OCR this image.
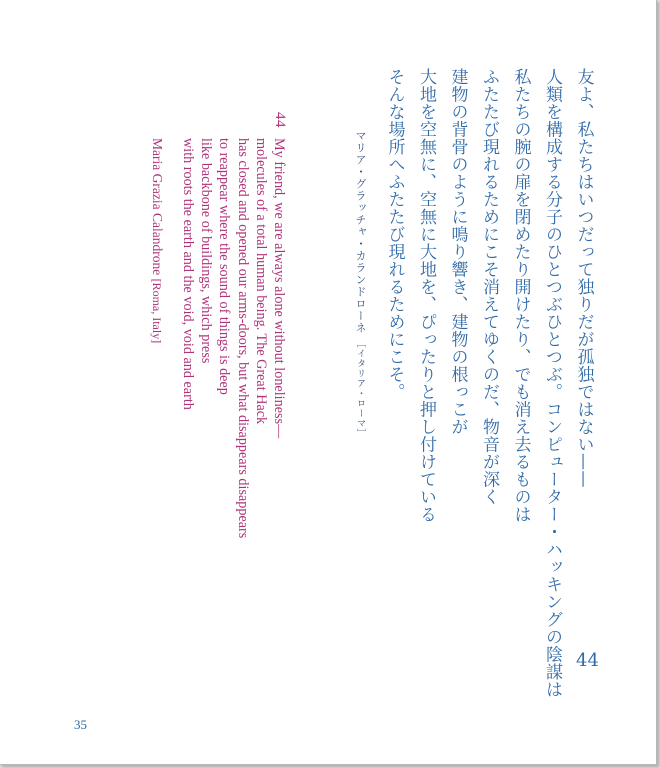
友よ、私たちはいつだって独りだが孤独ではない——
人類を構成する分子のひとつぶひとつぶ。コンピューター・ハッキングの陰謀は
私たちの腕の扉を閉めたり開けたり、でも消え去るものは
ふたたび現れるためにこそ消えてゆくのだ、物音が深く
建物の背骨のように鳴り響き、建物の根っこが
大地を空無に、空無に大地を、ぴったりと押し付けている
そんな場所へふたたび現れるためにこそ。
マリア・グラッチャ・カランドローネ ［イタリア・ローマ］
44
My friend, we are always alone without loneliness—
molecules of a total human being. The Great Hack
has closed and opened our arms-doors, but what disappears disappears
to reappear where the sound of things is deep
like backbone of buildings, which press
with roots the earth and the void, void and earth
Maria Grazia Calandrone [Roma, Italy]
44
35
